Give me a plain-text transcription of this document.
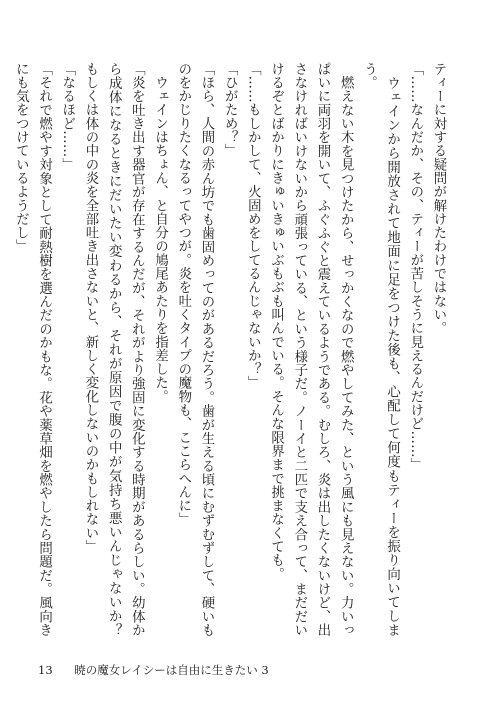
ティーに対する疑問が解けたわけではない。

「……なんだか、その、ティーが苦しそうに見えるんだけど……」

　ウェインから開放されて地面に足をつけた後も、心配して何度もティーを振り向いてしまう。

　燃えない木を見つけたから、せっかくなので燃やしてみた、という風にも見えない。力いっぱいに両羽を開いて、ふぐふぐと震えているようである。むしろ、炎は出したくないけど、出さなければいけないから頑張っている、という様子だ。ノーイと二匹で支え合って、まだだいけるぞとばかりにきゅいきゅいぶもぶも叫んでいる。そんな限界まで挑まなくても。

「……もしかして、火固めをしてるんじゃないか？」

「ひがため？」

「ほら、人間の赤ん坊でも歯固めってのがあるだろう。歯が生える頃にむずむずして、硬いものをかじりたくなるってやつが。炎を吐くタイプの魔物も、ここらへんに」

　ウェインはちょん、と自分の鳩尾あたりを指差した。

「炎を吐き出す器官が存在するんだが、それがより強固に変化する時期があるらしい。幼体から成体になるときにだいたい変わるから、それが原因で腹の中が気持ち悪いんじゃないか？　もしくは体の中の炎を全部吐き出さないと、新しく変化しないのかもしれない」

「なるほど……」

「それで燃やす対象として耐熱樹を選んだのかもな。花や薬草畑を燃やしたら問題だ。風向きにも気をつけているようだし」

13 暁の魔女レイシーは自由に生きたい 3
